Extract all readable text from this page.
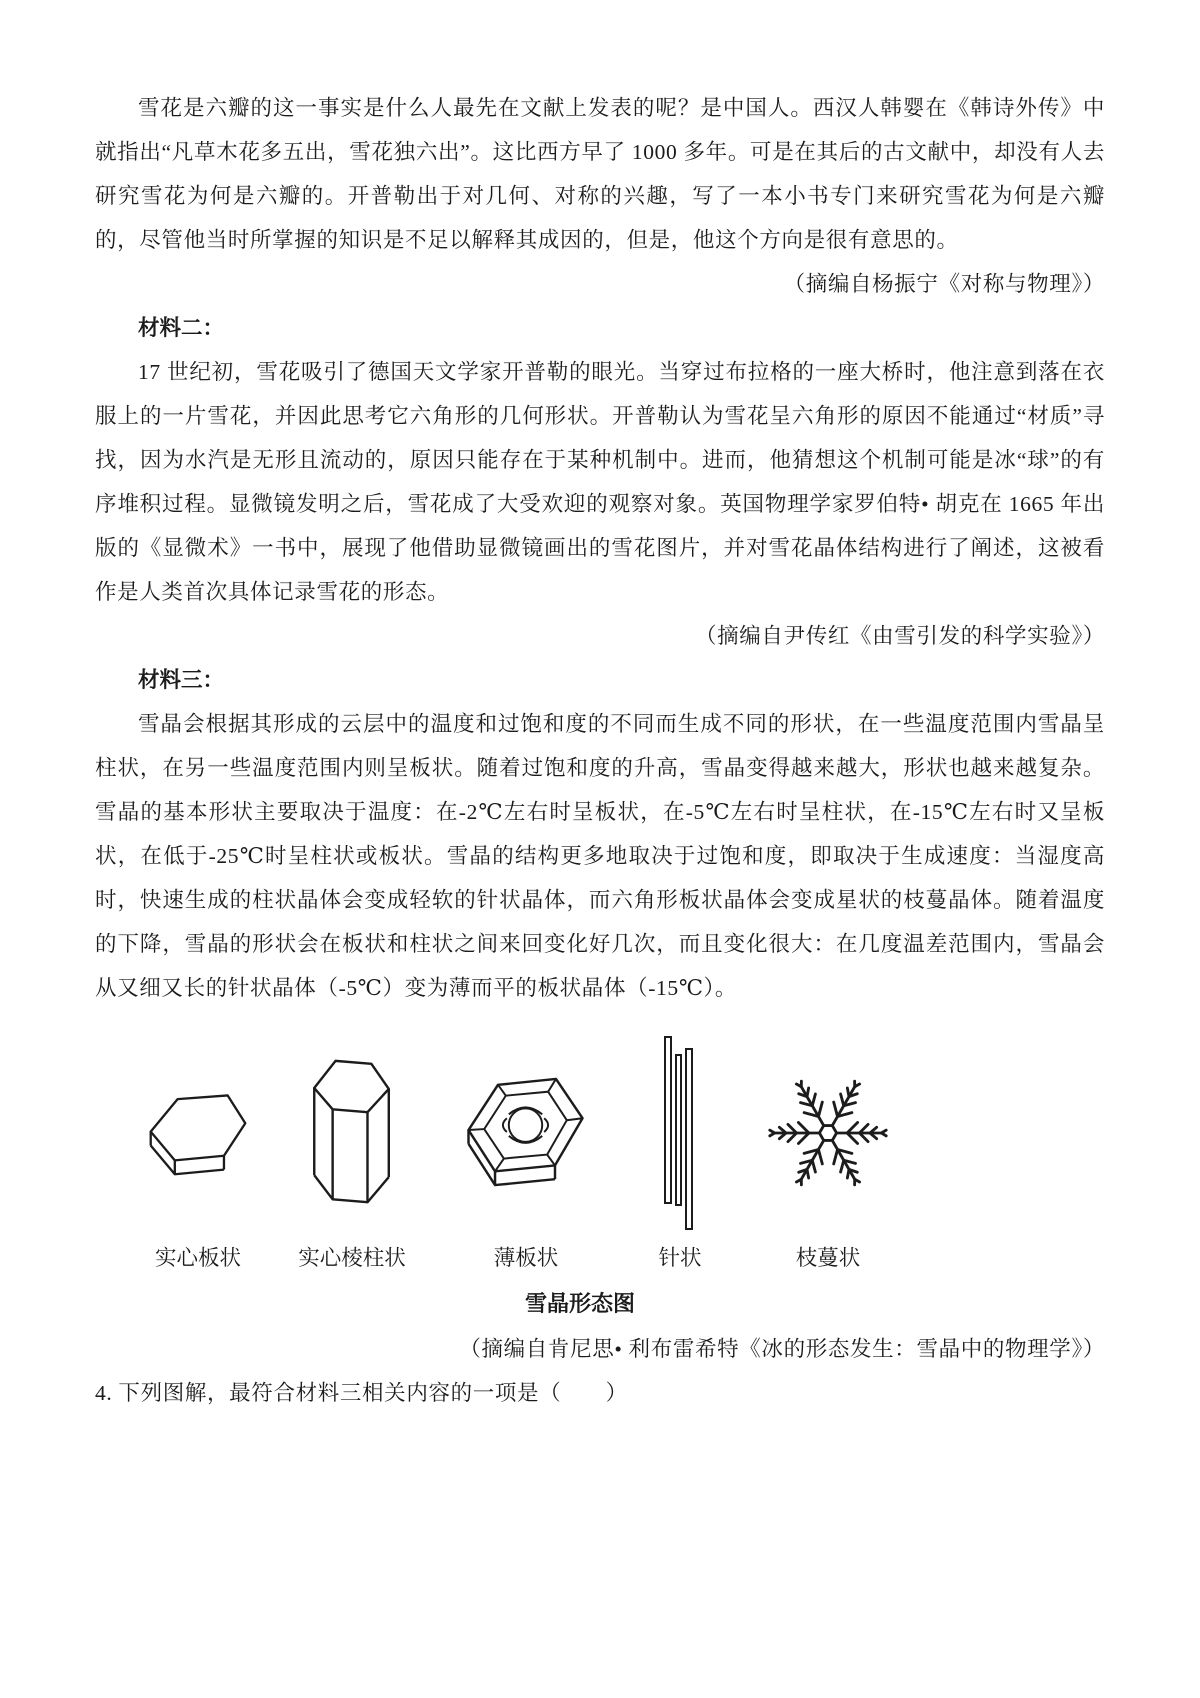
雪花是六瓣的这一事实是什么人最先在文献上发表的呢？是中国人。西汉人韩婴在《韩诗外传》中就指出“凡草木花多五出，雪花独六出”。这比西方早了 1000 多年。可是在其后的古文献中，却没有人去研究雪花为何是六瓣的。开普勒出于对几何、对称的兴趣，写了一本小书专门来研究雪花为何是六瓣的，尽管他当时所掌握的知识是不足以解释其成因的，但是，他这个方向是很有意思的。

（摘编自杨振宁《对称与物理》）

材料二：

17 世纪初，雪花吸引了德国天文学家开普勒的眼光。当穿过布拉格的一座大桥时，他注意到落在衣服上的一片雪花，并因此思考它六角形的几何形状。开普勒认为雪花呈六角形的原因不能通过“材质”寻找，因为水汽是无形且流动的，原因只能存在于某种机制中。进而，他猜想这个机制可能是冰“球”的有序堆积过程。显微镜发明之后，雪花成了大受欢迎的观察对象。英国物理学家罗伯特• 胡克在 1665 年出版的《显微术》一书中，展现了他借助显微镜画出的雪花图片，并对雪花晶体结构进行了阐述，这被看作是人类首次具体记录雪花的形态。

（摘编自尹传红《由雪引发的科学实验》）

材料三：

雪晶会根据其形成的云层中的温度和过饱和度的不同而生成不同的形状，在一些温度范围内雪晶呈柱状，在另一些温度范围内则呈板状。随着过饱和度的升高，雪晶变得越来越大，形状也越来越复杂。雪晶的基本形状主要取决于温度：在-2℃左右时呈板状，在-5℃左右时呈柱状，在-15℃左右时又呈板状，在低于-25℃时呈柱状或板状。雪晶的结构更多地取决于过饱和度，即取决于生成速度：当湿度高时，快速生成的柱状晶体会变成轻软的针状晶体，而六角形板状晶体会变成星状的枝蔓晶体。随着温度的下降，雪晶的形状会在板状和柱状之间来回变化好几次，而且变化很大：在几度温差范围内，雪晶会从又细又长的针状晶体（-5℃）变为薄而平的板状晶体（-15℃）。

实心板状	实心棱柱状	薄板状	针状	枝蔓状

雪晶形态图

（摘编自肯尼思• 利布雷希特《冰的形态发生：雪晶中的物理学》）

4. 下列图解，最符合材料三相关内容的一项是（　　）
